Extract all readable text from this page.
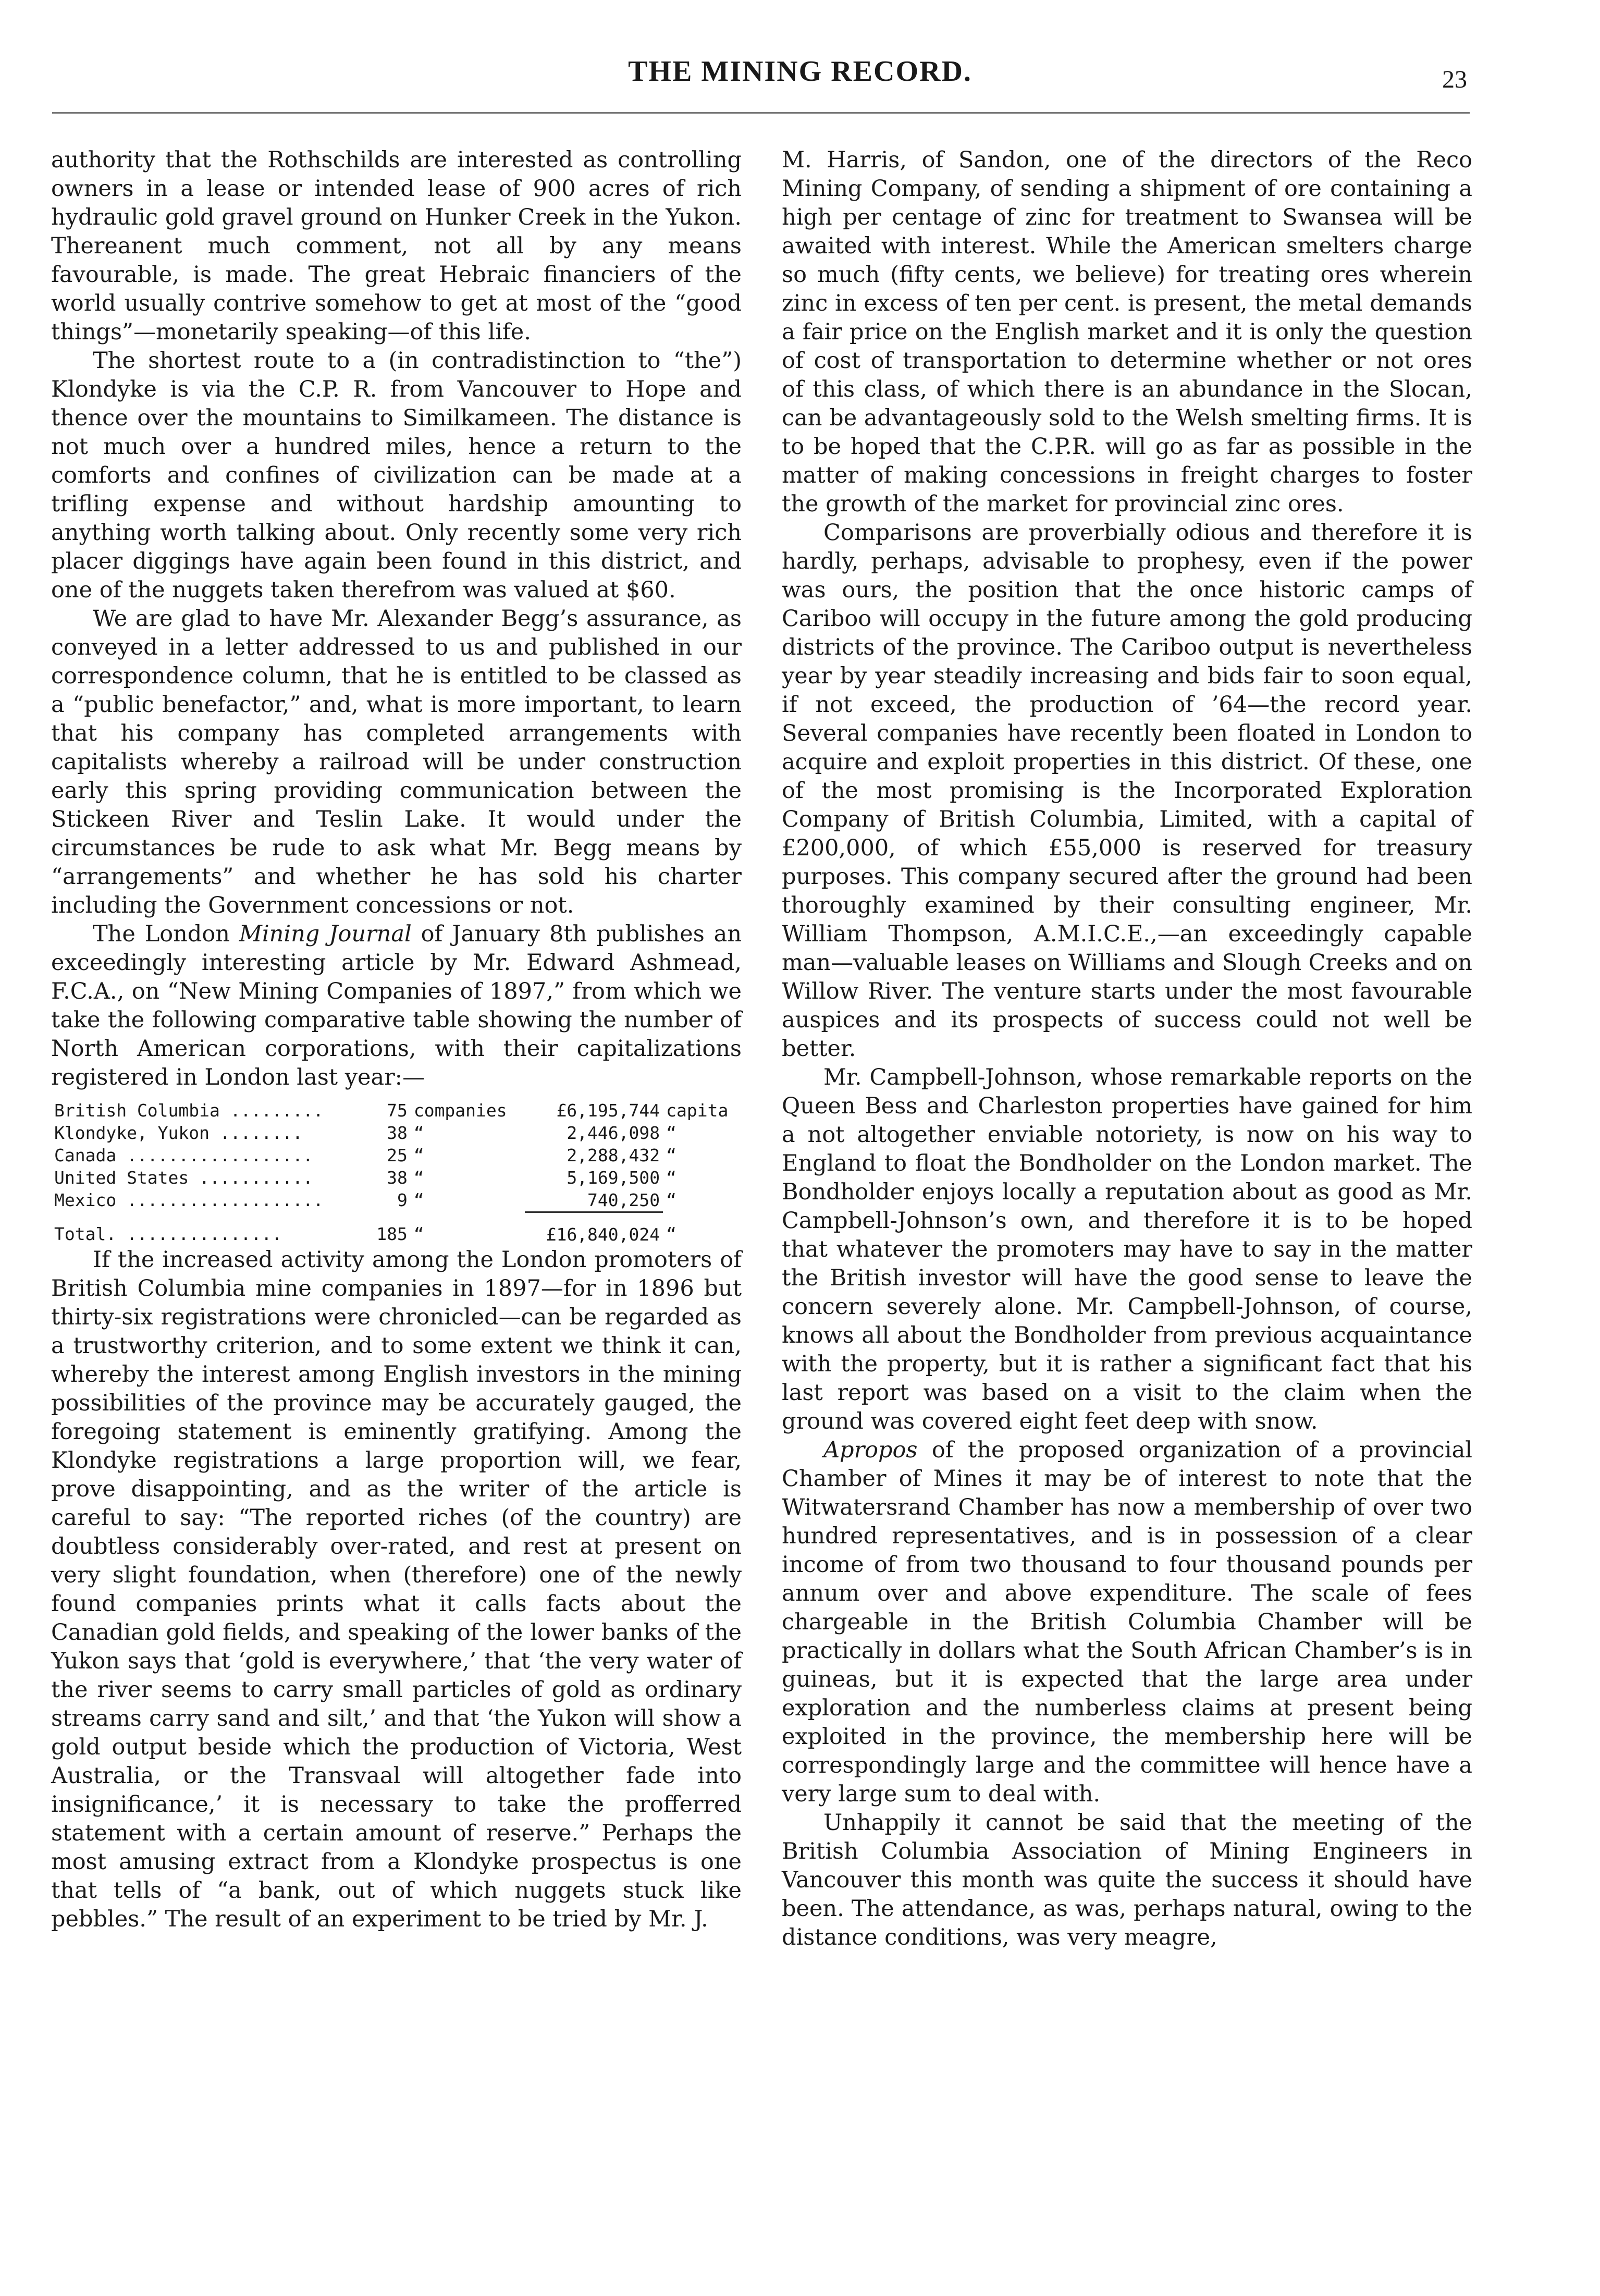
THE MINING RECORD.	23

authority that the Rothschilds are interested as controlling owners in a lease or intended lease of 900 acres of rich hydraulic gold gravel ground on Hunker Creek in the Yukon. Thereanent much comment, not all by any means favourable, is made. The great Hebraic financiers of the world usually contrive somehow to get at most of the “good things”—monetarily speaking—of this life.

The shortest route to a (in contradistinction to “the”) Klondyke is via the C.P. R. from Vancouver to Hope and thence over the mountains to Similkameen. The distance is not much over a hundred miles, hence a return to the comforts and confines of civilization can be made at a trifling expense and without hardship amounting to anything worth talking about. Only recently some very rich placer diggings have again been found in this district, and one of the nuggets taken therefrom was valued at $60.

We are glad to have Mr. Alexander Begg’s assurance, as conveyed in a letter addressed to us and published in our correspondence column, that he is entitled to be classed as a “public benefactor,” and, what is more important, to learn that his company has completed arrangements with capitalists whereby a railroad will be under construction early this spring providing communication between the Stickeen River and Teslin Lake. It would under the circumstances be rude to ask what Mr. Begg means by “arrangements” and whether he has sold his charter including the Government concessions or not.

The London Mining Journal of January 8th publishes an exceedingly interesting article by Mr. Edward Ashmead, F.C.A., on “New Mining Companies of 1897,” from which we take the following comparative table showing the number of North American corporations, with their capitalizations registered in London last year:—

British Columbia .........	75	companies	£6,195,744	capita
Klondyke, Yukon ........	38	“	2,446,098	“
Canada ..................	25	“	2,288,432	“
United States ...........	38	“	5,169,500	“
Mexico ...................	9	“	740,250	“
Total. ...............	185	“	£16,840,024	“

If the increased activity among the London promoters of British Columbia mine companies in 1897—for in 1896 but thirty-six registrations were chronicled—can be regarded as a trustworthy criterion, and to some extent we think it can, whereby the interest among English investors in the mining possibilities of the province may be accurately gauged, the foregoing statement is eminently gratifying. Among the Klondyke registrations a large proportion will, we fear, prove disappointing, and as the writer of the article is careful to say: “The reported riches (of the country) are doubtless considerably over-rated, and rest at present on very slight foundation, when (therefore) one of the newly found companies prints what it calls facts about the Canadian gold fields, and speaking of the lower banks of the Yukon says that ‘gold is everywhere,’ that ‘the very water of the river seems to carry small particles of gold as ordinary streams carry sand and silt,’ and that ‘the Yukon will show a gold output beside which the production of Victoria, West Australia, or the Transvaal will altogether fade into insignificance,’ it is necessary to take the profferred statement with a certain amount of reserve.” Perhaps the most amusing extract from a Klondyke prospectus is one that tells of “a bank, out of which nuggets stuck like pebbles.” The result of an experiment to be tried by Mr. J.

M. Harris, of Sandon, one of the directors of the Reco Mining Company, of sending a shipment of ore containing a high per centage of zinc for treatment to Swansea will be awaited with interest. While the American smelters charge so much (fifty cents, we believe) for treating ores wherein zinc in excess of ten per cent. is present, the metal demands a fair price on the English market and it is only the question of cost of transportation to determine whether or not ores of this class, of which there is an abundance in the Slocan, can be advantageously sold to the Welsh smelting firms. It is to be hoped that the C.P.R. will go as far as possible in the matter of making concessions in freight charges to foster the growth of the market for provincial zinc ores.

Comparisons are proverbially odious and therefore it is hardly, perhaps, advisable to prophesy, even if the power was ours, the position that the once historic camps of Cariboo will occupy in the future among the gold producing districts of the province. The Cariboo output is nevertheless year by year steadily increasing and bids fair to soon equal, if not exceed, the production of ’64—the record year. Several companies have recently been floated in London to acquire and exploit properties in this district. Of these, one of the most promising is the Incorporated Exploration Company of British Columbia, Limited, with a capital of £200,000, of which £55,000 is reserved for treasury purposes. This company secured after the ground had been thoroughly examined by their consulting engineer, Mr. William Thompson, A.M.I.C.E.,—an exceedingly capable man—valuable leases on Williams and Slough Creeks and on Willow River. The venture starts under the most favourable auspices and its prospects of success could not well be better.

Mr. Campbell-Johnson, whose remarkable reports on the Queen Bess and Charleston properties have gained for him a not altogether enviable notoriety, is now on his way to England to float the Bondholder on the London market. The Bondholder enjoys locally a reputation about as good as Mr. Campbell-Johnson’s own, and therefore it is to be hoped that whatever the promoters may have to say in the matter the British investor will have the good sense to leave the concern severely alone. Mr. Campbell-Johnson, of course, knows all about the Bondholder from previous acquaintance with the property, but it is rather a significant fact that his last report was based on a visit to the claim when the ground was covered eight feet deep with snow.

Apropos of the proposed organization of a provincial Chamber of Mines it may be of interest to note that the Witwatersrand Chamber has now a membership of over two hundred representatives, and is in possession of a clear income of from two thousand to four thousand pounds per annum over and above expenditure. The scale of fees chargeable in the British Columbia Chamber will be practically in dollars what the South African Chamber’s is in guineas, but it is expected that the large area under exploration and the numberless claims at present being exploited in the province, the membership here will be correspondingly large and the committee will hence have a very large sum to deal with.

Unhappily it cannot be said that the meeting of the British Columbia Association of Mining Engineers in Vancouver this month was quite the success it should have been. The attendance, as was, perhaps natural, owing to the distance conditions, was very meagre,
